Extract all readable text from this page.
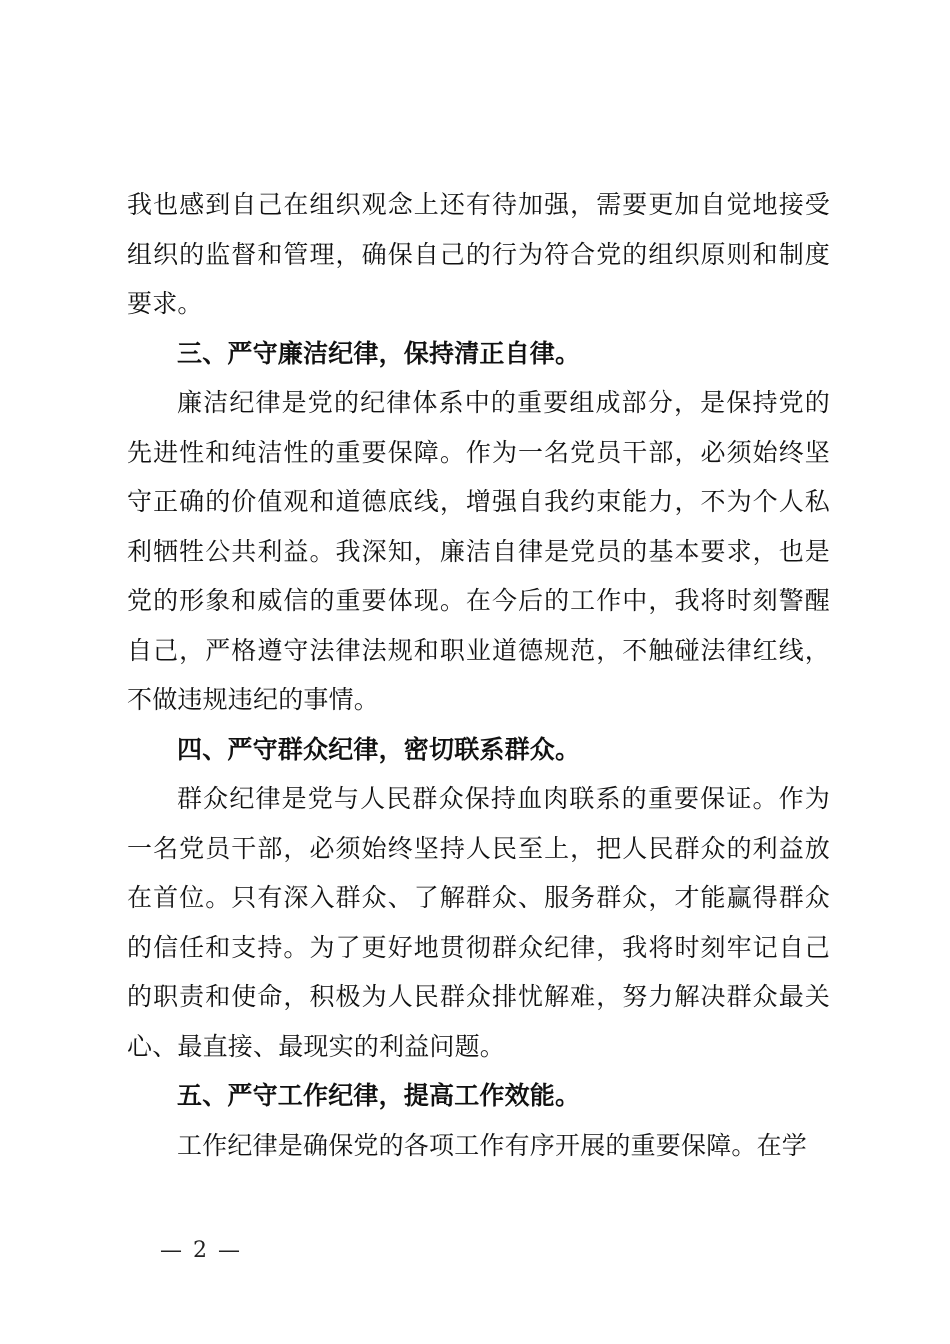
我也感到自己在组织观念上还有待加强，需要更加自觉地接受组织的监督和管理，确保自己的行为符合党的组织原则和制度要求。

三、严守廉洁纪律，保持清正自律。

廉洁纪律是党的纪律体系中的重要组成部分，是保持党的先进性和纯洁性的重要保障。作为一名党员干部，必须始终坚守正确的价值观和道德底线，增强自我约束能力，不为个人私利牺牲公共利益。我深知，廉洁自律是党员的基本要求，也是党的形象和威信的重要体现。在今后的工作中，我将时刻警醒自己，严格遵守法律法规和职业道德规范，不触碰法律红线，不做违规违纪的事情。

四、严守群众纪律，密切联系群众。

群众纪律是党与人民群众保持血肉联系的重要保证。作为一名党员干部，必须始终坚持人民至上，把人民群众的利益放在首位。只有深入群众、了解群众、服务群众，才能赢得群众的信任和支持。为了更好地贯彻群众纪律，我将时刻牢记自己的职责和使命，积极为人民群众排忧解难，努力解决群众最关心、最直接、最现实的利益问题。

五、严守工作纪律，提高工作效能。

工作纪律是确保党的各项工作有序开展的重要保障。在学

— 2 —
